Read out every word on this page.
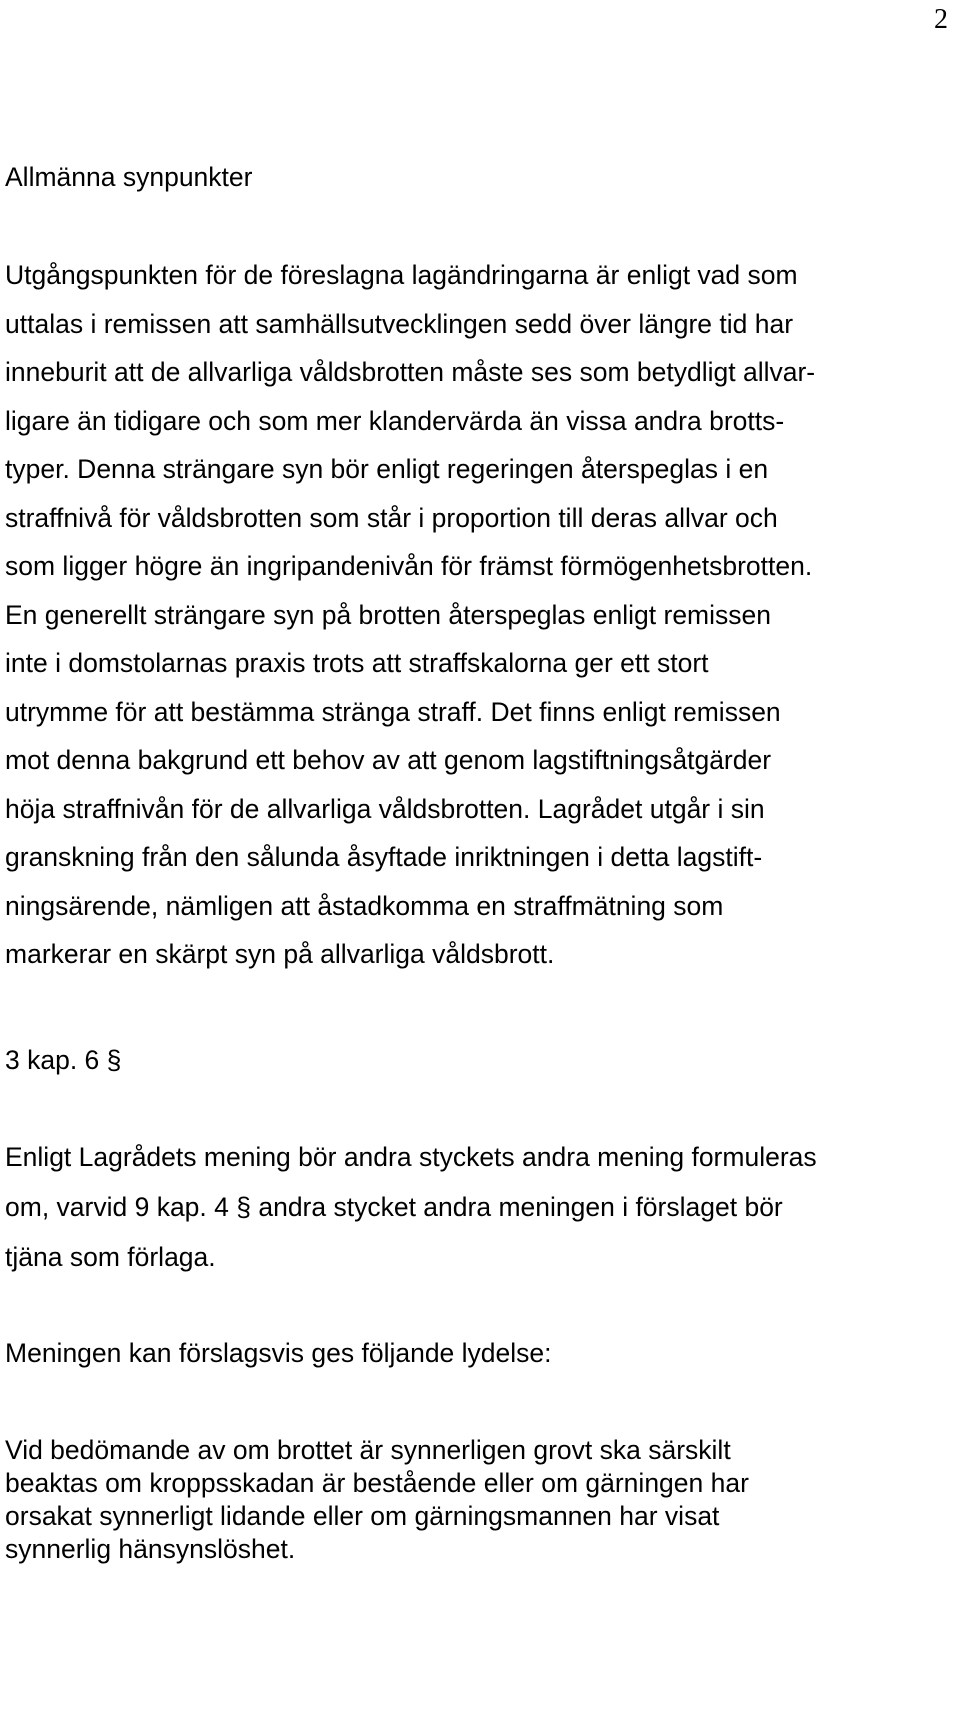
2
Allmänna synpunkter
Utgångspunkten för de föreslagna lagändringarna är enligt vad som
uttalas i remissen att samhällsutvecklingen sedd över längre tid har
inneburit att de allvarliga våldsbrotten måste ses som betydligt allvar-
ligare än tidigare och som mer klandervärda än vissa andra brotts-
typer. Denna strängare syn bör enligt regeringen återspeglas i en
straffnivå för våldsbrotten som står i proportion till deras allvar och
som ligger högre än ingripandenivån för främst förmögenhetsbrotten.
En generellt strängare syn på brotten återspeglas enligt remissen
inte i domstolarnas praxis trots att straffskalorna ger ett stort
utrymme för att bestämma stränga straff. Det finns enligt remissen
mot denna bakgrund ett behov av att genom lagstiftningsåtgärder
höja straffnivån för de allvarliga våldsbrotten. Lagrådet utgår i sin
granskning från den sålunda åsyftade inriktningen i detta lagstift-
ningsärende, nämligen att åstadkomma en straffmätning som
markerar en skärpt syn på allvarliga våldsbrott.
3 kap. 6 §
Enligt Lagrådets mening bör andra styckets andra mening formuleras
om, varvid 9 kap. 4 § andra stycket andra meningen i förslaget bör
tjäna som förlaga.
Meningen kan förslagsvis ges följande lydelse:
Vid bedömande av om brottet är synnerligen grovt ska särskilt
beaktas om kroppsskadan är bestående eller om gärningen har
orsakat synnerligt lidande eller om gärningsmannen har visat
synnerlig hänsynslöshet.
